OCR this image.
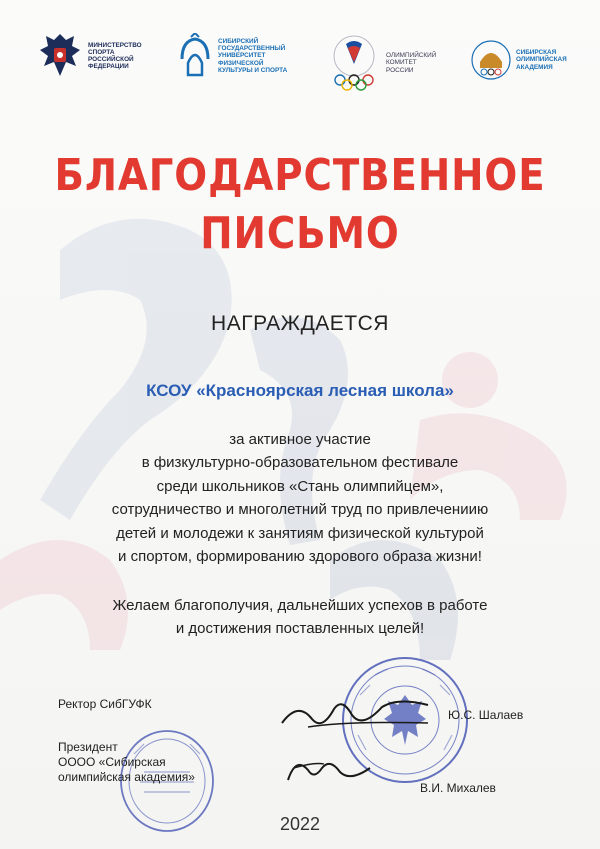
МИНИСТЕРСТВО
СПОРТА
РОССИЙСКОЙ
ФЕДЕРАЦИИ
СИБИРСКИЙ
ГОСУДАРСТВЕННЫЙ
УНИВЕРСИТЕТ
ФИЗИЧЕСКОЙ
КУЛЬТУРЫ И СПОРТА
ОЛИМПИЙСКИЙ
КОМИТЕТ
РОССИИ
СИБИРСКАЯ
ОЛИМПИЙСКАЯ
АКАДЕМИЯ
БЛАГОДАРСТВЕННОЕ
ПИСЬМО
НАГРАЖДАЕТСЯ
КСОУ «Красноярская лесная школа»
за активное участие
в физкультурно-образовательном фестивале
среди школьников «Стань олимпийцем»,
сотрудничество и многолетний труд по привлечениию
детей и молодежи к занятиям физической культурой
и спортом, формированию здорового образа жизни!
Желаем благополучия, дальнейших успехов в работе
и достижения поставленных целей!
Ректор СибГУФК
Ю.С. Шалаев
Президент
ОООО «Сибирская
олимпийская академия»
В.И. Михалев
2022
